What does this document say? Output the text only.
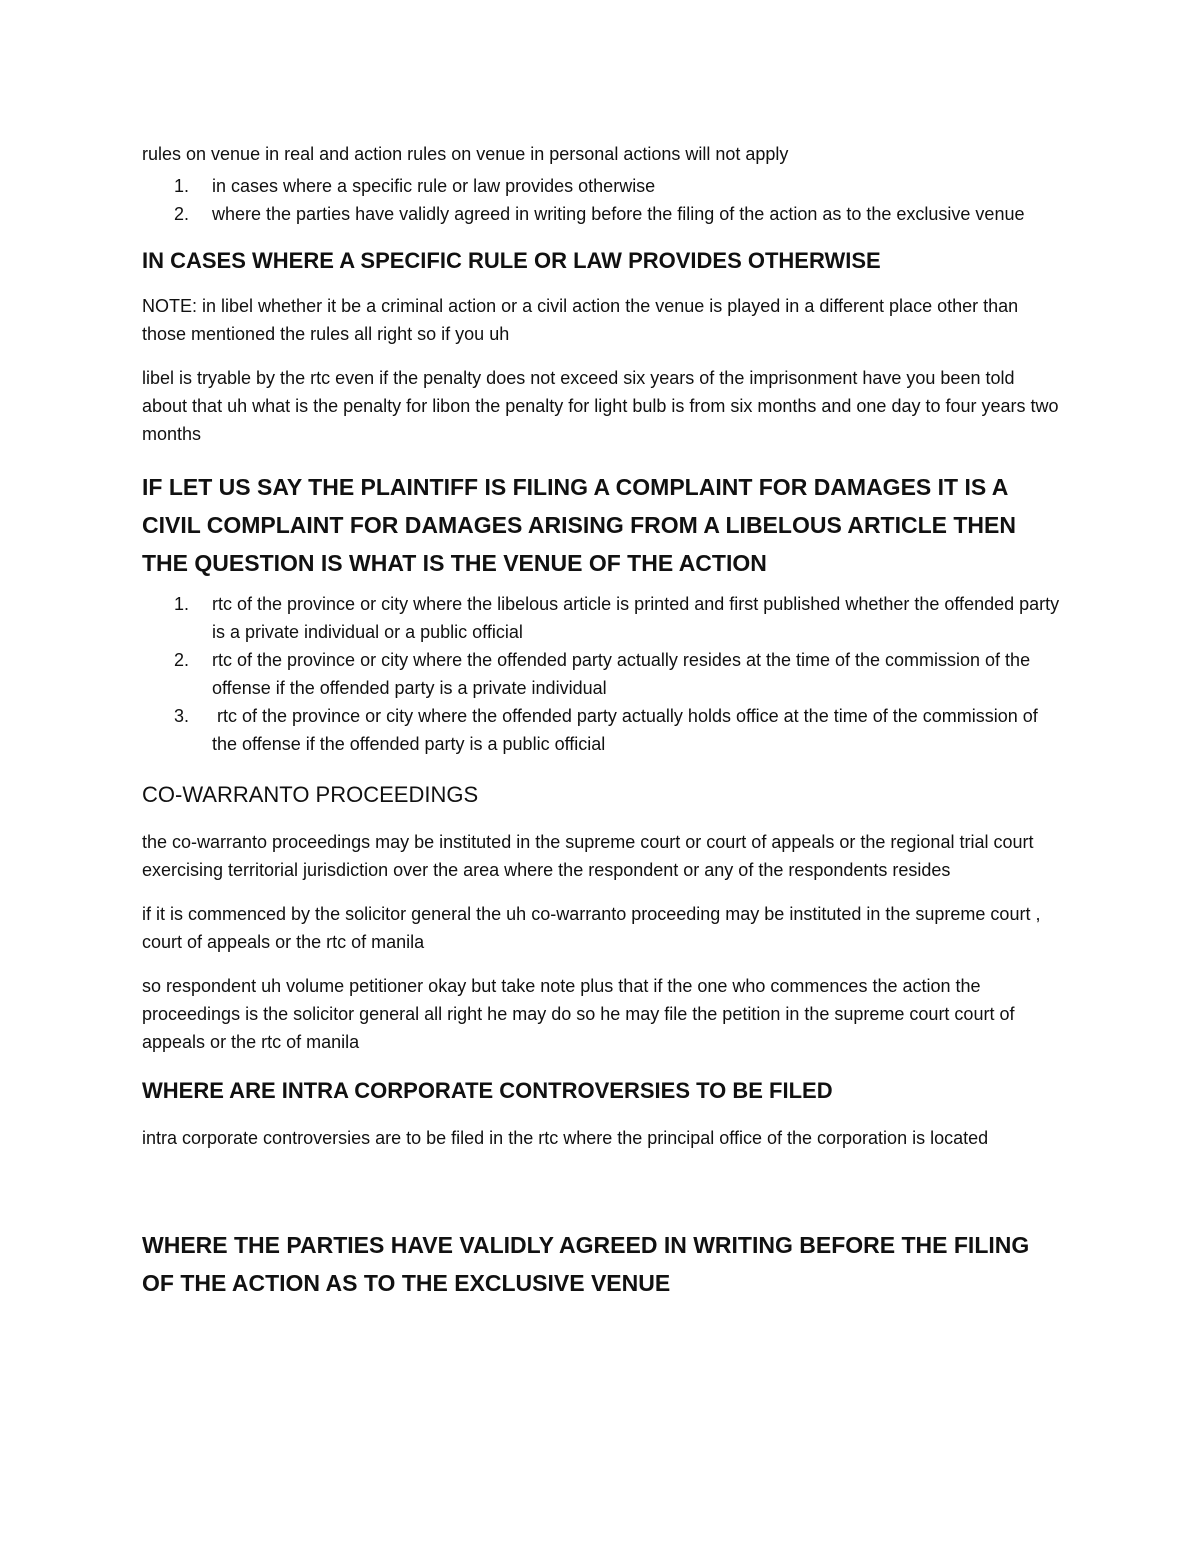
rules on venue in real and action rules on venue in personal actions will not apply

1. in cases where a specific rule or law provides otherwise
2. where the parties have validly agreed in writing before the filing of the action as to the exclusive venue
IN CASES WHERE A SPECIFIC RULE OR LAW PROVIDES OTHERWISE

NOTE: in libel whether it be a criminal action or a civil action the venue is played in a different place other than those mentioned the rules all right so if you uh

libel is tryable by the rtc even if the penalty does not exceed six years of the imprisonment have you been told about that uh what is the penalty for libon the penalty for light bulb is from six months and one day to four years two months

IF LET US SAY THE PLAINTIFF IS FILING A COMPLAINT FOR DAMAGES IT IS A CIVIL COMPLAINT FOR DAMAGES ARISING FROM A LIBELOUS ARTICLE THEN THE QUESTION IS WHAT IS THE VENUE OF THE ACTION
1. rtc of the province or city where the libelous article is printed and first published whether the offended party is a private individual or a public official
2. rtc of the province or city where the offended party actually resides at the time of the commission of the offense if the offended party is a private individual
3. rtc of the province or city where the offended party actually holds office at the time of the commission of the offense if the offended party is a public official
CO-WARRANTO PROCEEDINGS

the co-warranto proceedings may be instituted in the supreme court or court of appeals or the regional trial court exercising territorial jurisdiction over the area where the respondent or any of the respondents resides

if it is commenced by the solicitor general the uh co-warranto proceeding may be instituted in the supreme court , court of appeals or the rtc of manila

so respondent uh volume petitioner okay but take note plus that if the one who commences the action the proceedings is the solicitor general all right he may do so he may file the petition in the supreme court court of appeals or the rtc of manila

WHERE ARE INTRA CORPORATE CONTROVERSIES TO BE FILED

intra corporate controversies are to be filed in the rtc where the principal office of the corporation is located

WHERE THE PARTIES HAVE VALIDLY AGREED IN WRITING BEFORE THE FILING OF THE ACTION AS TO THE EXCLUSIVE VENUE
